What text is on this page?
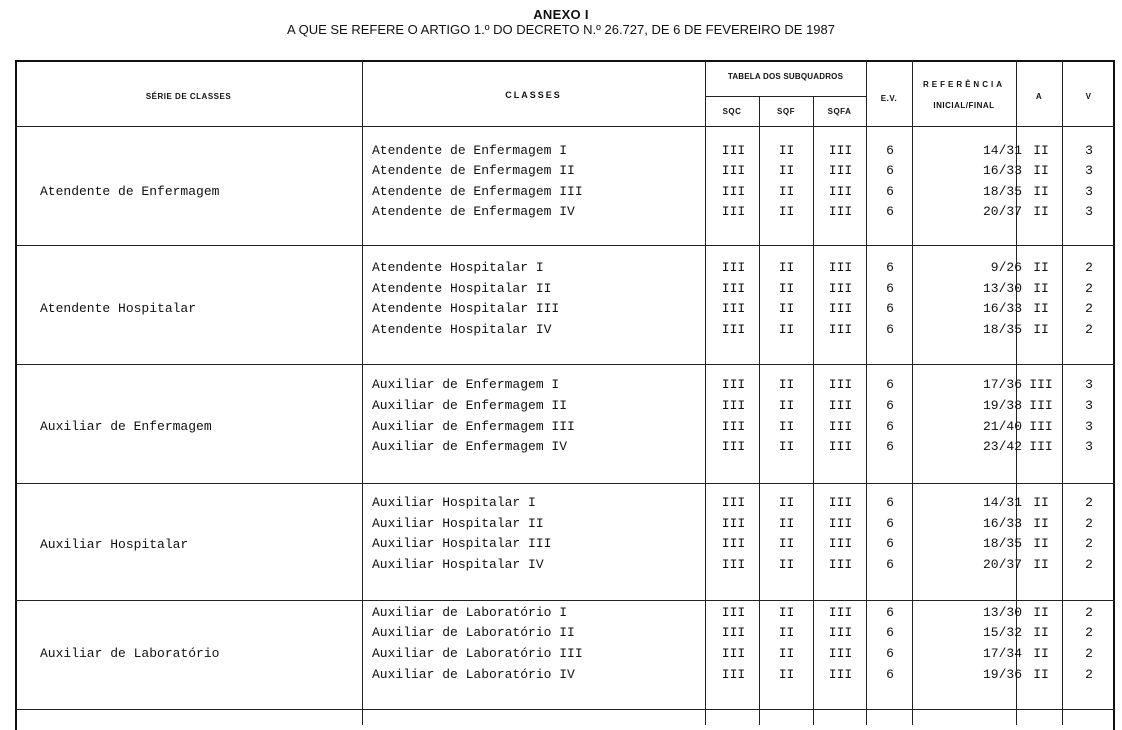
ANEXO I
A QUE SE REFERE O ARTIGO 1.º DO DECRETO N.º 26.727, DE 6 DE FEVEREIRO DE 1987
SÉRIE DE CLASSES	CLASSES
TABELA DOS SUBQUADROS
SQC	SQF	SQFA
E.V.
REFERÊNCIA
INICIAL/FINAL
A	V
Atendente de Enfermagem
Atendente de Enfermagem I	III	II	III	6	14/31 II	3
Atendente de Enfermagem II	III	II	III	6	16/33 II	3
Atendente de Enfermagem III	III	II	III	6	18/35 II	3
Atendente de Enfermagem IV	III	II	III	6	20/37 II	3
Atendente Hospitalar
Atendente Hospitalar I	III	II	III	6	9/26 II	2
Atendente Hospitalar II	III	II	III	6	13/30 II	2
Atendente Hospitalar III	III	II	III	6	16/33 II	2
Atendente Hospitalar IV	III	II	III	6	18/35 II	2
Auxiliar de Enfermagem
Auxiliar de Enfermagem I	III	II	III	6	17/36 III	3
Auxiliar de Enfermagem II	III	II	III	6	19/38 III	3
Auxiliar de Enfermagem III	III	II	III	6	21/40 III	3
Auxiliar de Enfermagem IV	III	II	III	6	23/42 III	3
Auxiliar Hospitalar
Auxiliar Hospitalar I	III	II	III	6	14/31 II	2
Auxiliar Hospitalar II	III	II	III	6	16/33 II	2
Auxiliar Hospitalar III	III	II	III	6	18/35 II	2
Auxiliar Hospitalar IV	III	II	III	6	20/37 II	2
Auxiliar de Laboratório
Auxiliar de Laboratório I	III	II	III	6	13/30 II	2
Auxiliar de Laboratório II	III	II	III	6	15/32 II	2
Auxiliar de Laboratório III	III	II	III	6	17/34 II	2
Auxiliar de Laboratório IV	III	II	III	6	19/36 II	2
